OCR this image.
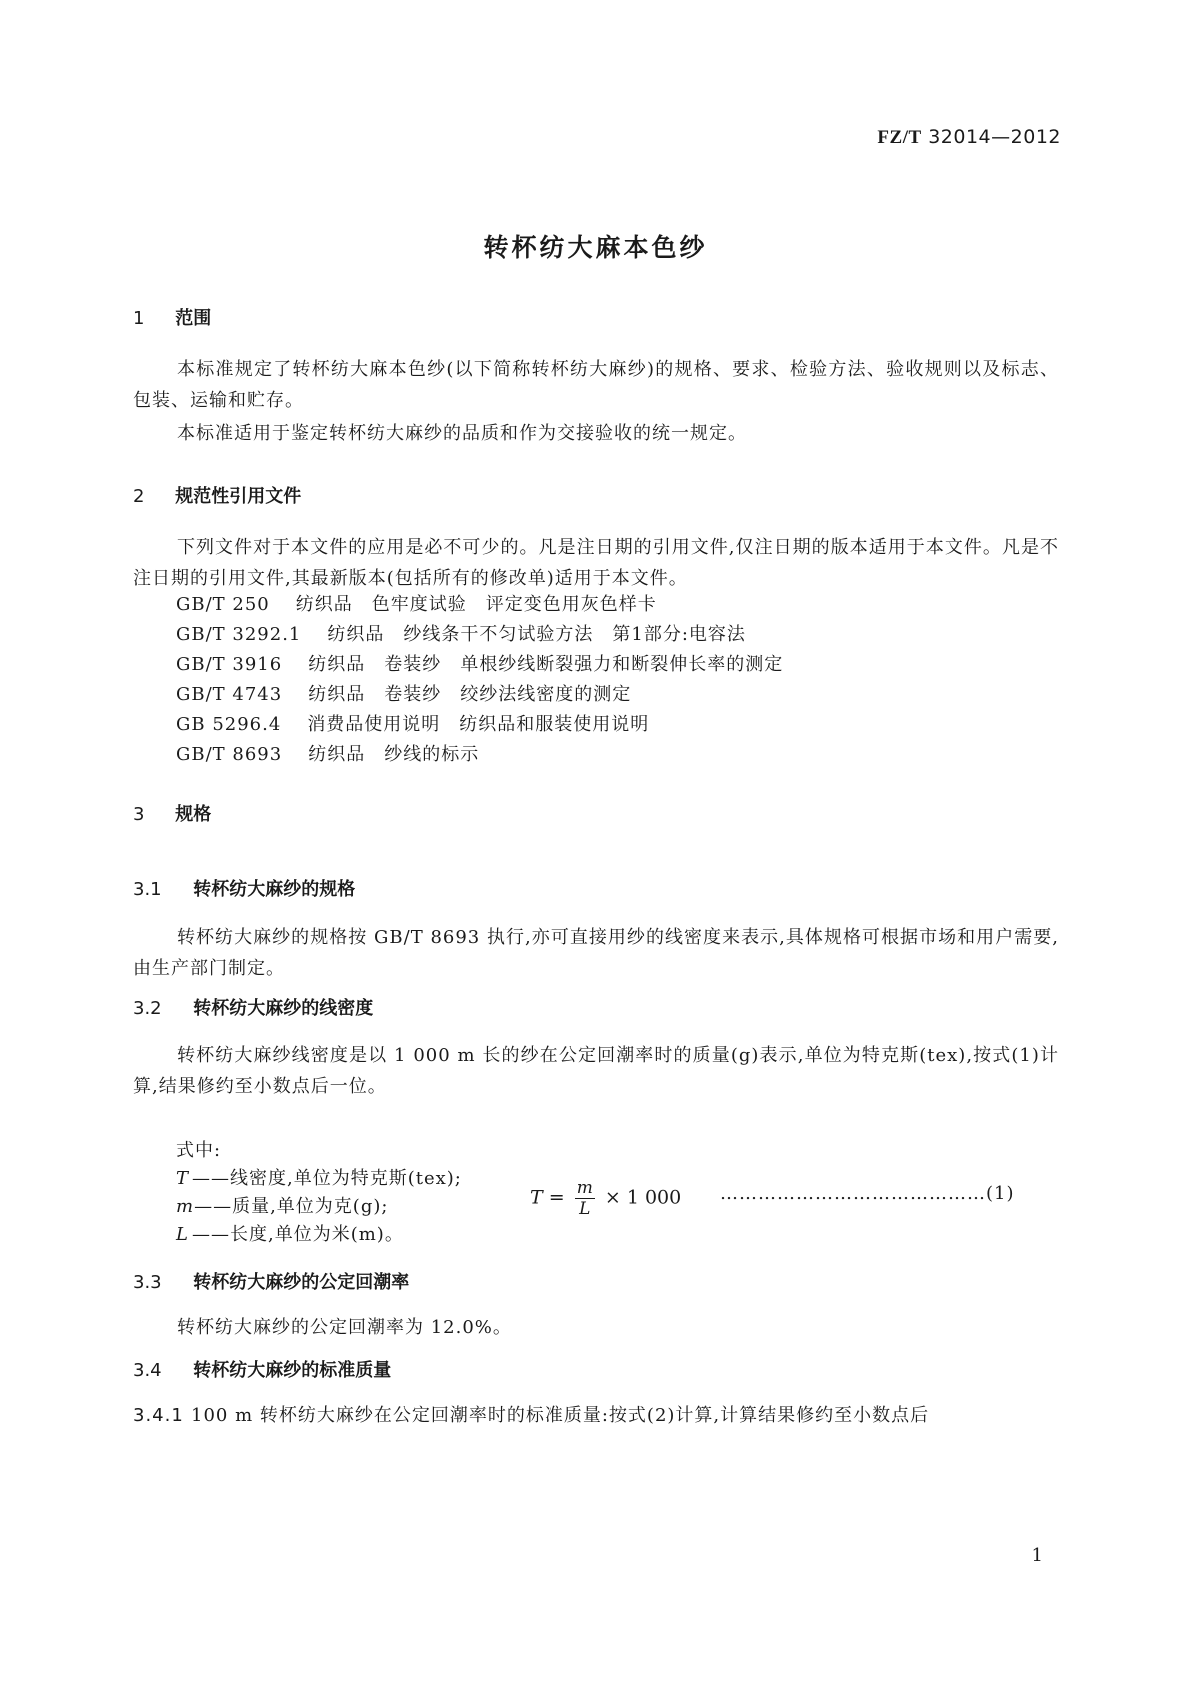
FZ/T 32014—2012
转杯纺大麻本色纱
1 范围
本标准规定了转杯纺大麻本色纱(以下简称转杯纺大麻纱)的规格、要求、检验方法、验收规则以及标志、包装、运输和贮存。
本标准适用于鉴定转杯纺大麻纱的品质和作为交接验收的统一规定。
2 规范性引用文件
下列文件对于本文件的应用是必不可少的。凡是注日期的引用文件,仅注日期的版本适用于本文件。凡是不注日期的引用文件,其最新版本(包括所有的修改单)适用于本文件。
GB/T 250 纺织品　色牢度试验　评定变色用灰色样卡
GB/T 3292.1 纺织品　纱线条干不匀试验方法　第1部分:电容法
GB/T 3916 纺织品　卷装纱　单根纱线断裂强力和断裂伸长率的测定
GB/T 4743 纺织品　卷装纱　绞纱法线密度的测定
GB 5296.4 消费品使用说明　纺织品和服装使用说明
GB/T 8693 纺织品　纱线的标示
3 规格
3.1 转杯纺大麻纱的规格
转杯纺大麻纱的规格按 GB/T 8693 执行,亦可直接用纱的线密度来表示,具体规格可根据市场和用户需要,由生产部门制定。
3.2 转杯纺大麻纱的线密度
转杯纺大麻纱线密度是以 1 000 m 长的纱在公定回潮率时的质量(g)表示,单位为特克斯(tex),按式(1)计算,结果修约至小数点后一位。
$T = \frac{m}{L} \times 1$ 000 ……………………………………(1)
式中:
T ——线密度,单位为特克斯(tex);
m——质量,单位为克(g);
L ——长度,单位为米(m)。
3.3 转杯纺大麻纱的公定回潮率
转杯纺大麻纱的公定回潮率为 12.0%。
3.4 转杯纺大麻纱的标准质量
3.4.1 100 m 转杯纺大麻纱在公定回潮率时的标准质量:按式(2)计算,计算结果修约至小数点后
1
